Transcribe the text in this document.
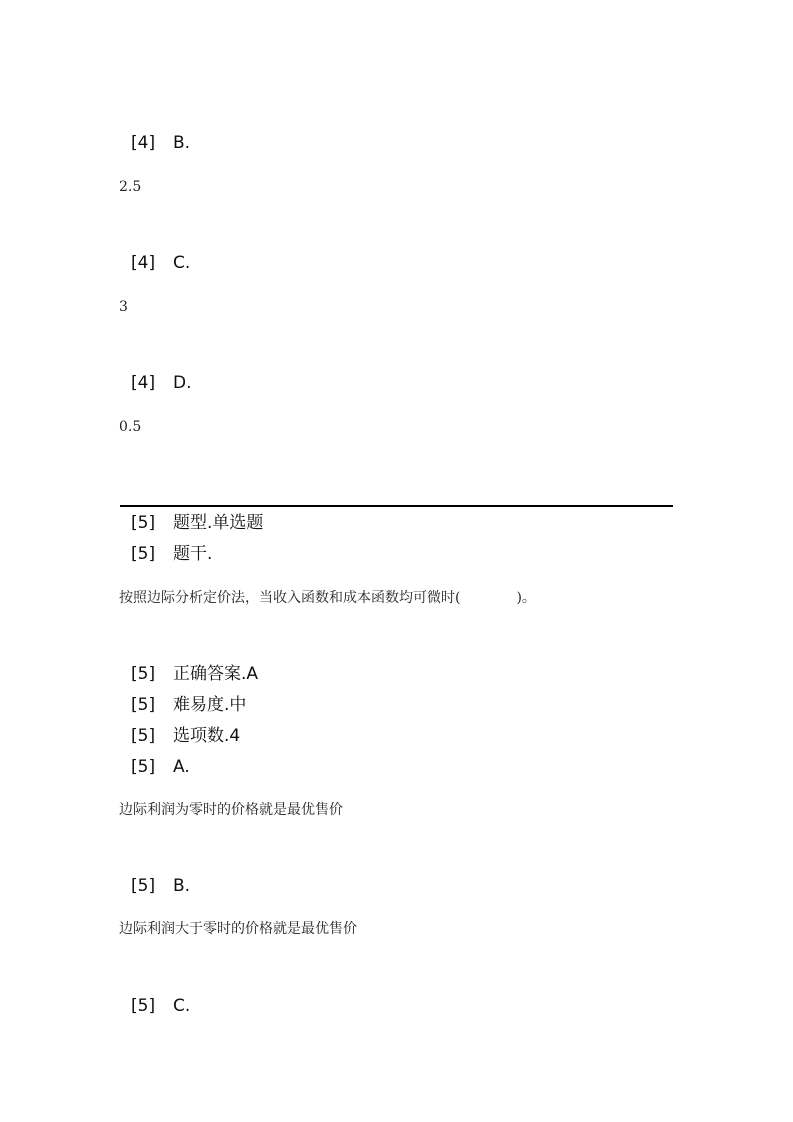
[4] B.
2.5
[4] C.
3
[4] D.
0.5
[5] 题型.单选题
[5] 题干.
按照边际分析定价法，当收入函数和成本函数均可微时(	)。
[5] 正确答案.A
[5] 难易度.中
[5] 选项数.4
[5] A.
边际利润为零时的价格就是最优售价
[5] B.
边际利润大于零时的价格就是最优售价
[5] C.
